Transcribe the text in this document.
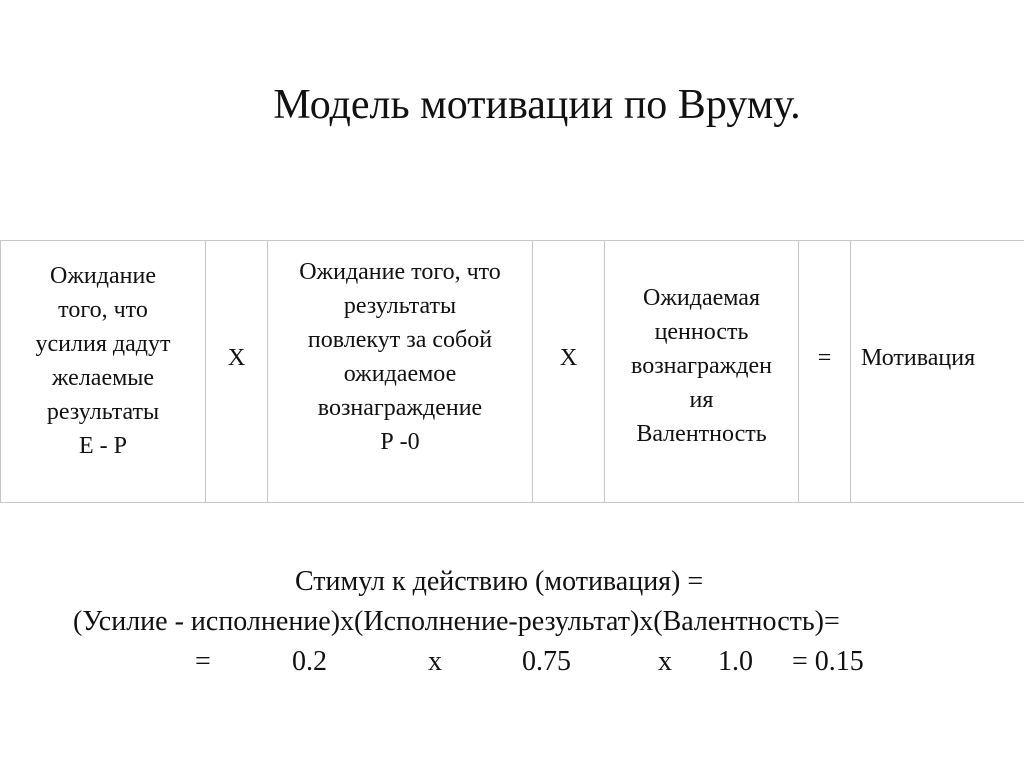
Модель мотивации по Вруму.
Ожидание
того, что
усилия дадут
желаемые
результаты
Е - Р
	Х	
Ожидание того, что
результаты
повлекут за собой
ожидаемое
вознаграждение
Р -0
	Х	
Ожидаемая
ценность
вознагражден
ия
Валентность
	=	Мотивация
Стимул к действию (мотивация) =
(Усилие - исполнение)х(Исполнение-результат)х(Валентность)=
=	0.2	х	0.75	х 1.0 = 0.15
